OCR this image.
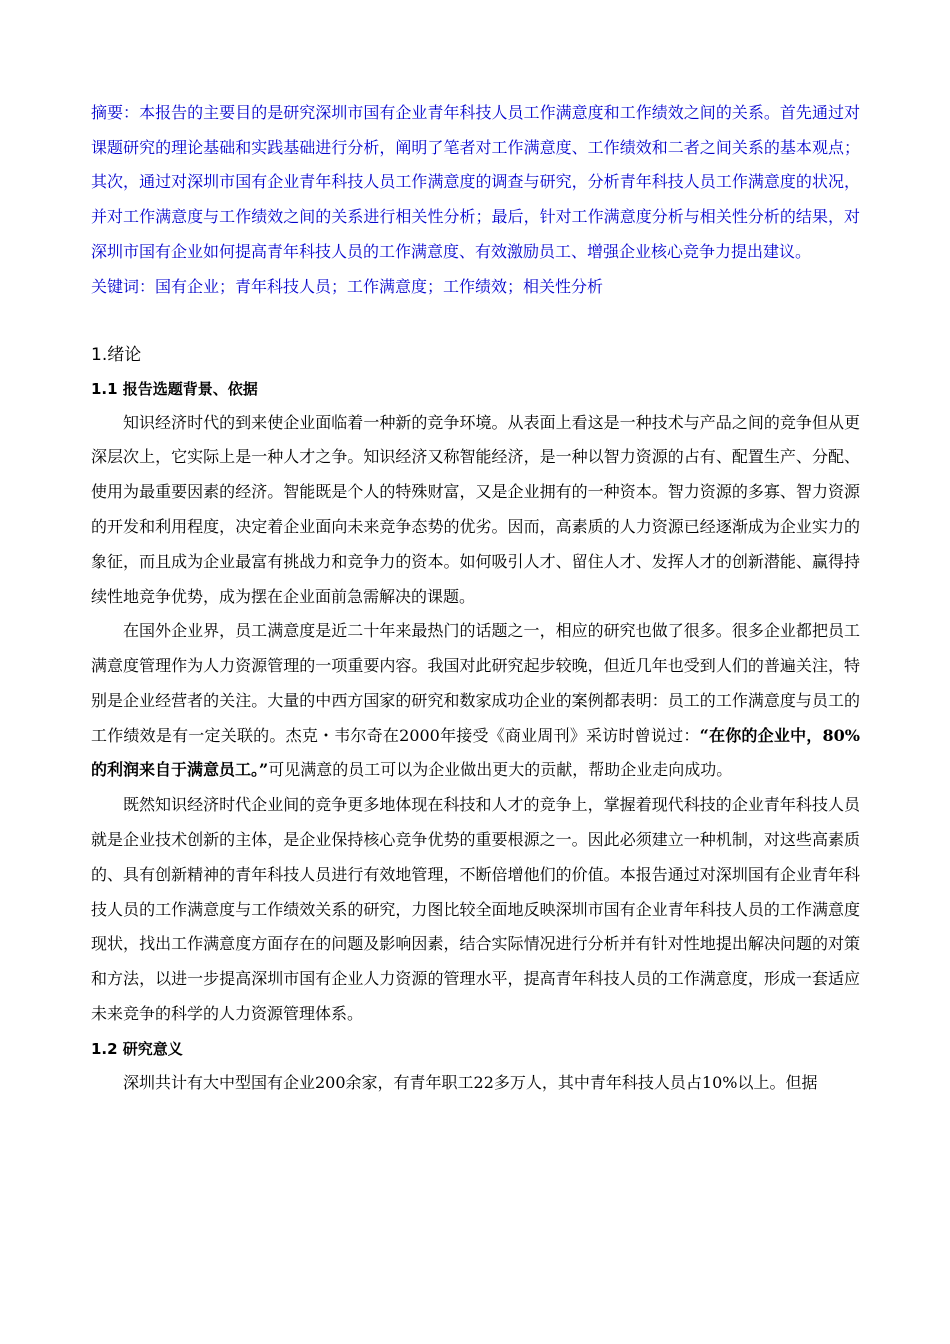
摘要：本报告的主要目的是研究深圳市国有企业青年科技人员工作满意度和工作绩效之间的关系。首先通过对课题研究的理论基础和实践基础进行分析，阐明了笔者对工作满意度、工作绩效和二者之间关系的基本观点；其次，通过对深圳市国有企业青年科技人员工作满意度的调查与研究，分析青年科技人员工作满意度的状况，并对工作满意度与工作绩效之间的关系进行相关性分析；最后，针对工作满意度分析与相关性分析的结果，对深圳市国有企业如何提高青年科技人员的工作满意度、有效激励员工、增强企业核心竞争力提出建议。

关键词：国有企业；青年科技人员；工作满意度；工作绩效；相关性分析

1.绪论
1.1 报告选题背景、依据

知识经济时代的到来使企业面临着一种新的竞争环境。从表面上看这是一种技术与产品之间的竞争但从更深层次上，它实际上是一种人才之争。知识经济又称智能经济，是一种以智力资源的占有、配置生产、分配、使用为最重要因素的经济。智能既是个人的特殊财富，又是企业拥有的一种资本。智力资源的多寡、智力资源的开发和利用程度，决定着企业面向未来竞争态势的优劣。因而，高素质的人力资源已经逐渐成为企业实力的象征，而且成为企业最富有挑战力和竞争力的资本。如何吸引人才、留住人才、发挥人才的创新潜能、赢得持续性地竞争优势，成为摆在企业面前急需解决的课题。

在国外企业界，员工满意度是近二十年来最热门的话题之一，相应的研究也做了很多。很多企业都把员工满意度管理作为人力资源管理的一项重要内容。我国对此研究起步较晚，但近几年也受到人们的普遍关注，特别是企业经营者的关注。大量的中西方国家的研究和数家成功企业的案例都表明：员工的工作满意度与员工的工作绩效是有一定关联的。杰克・韦尔奇在2000年接受《商业周刊》采访时曾说过：“在你的企业中，80%的利润来自于满意员工。”可见满意的员工可以为企业做出更大的贡献，帮助企业走向成功。

既然知识经济时代企业间的竞争更多地体现在科技和人才的竞争上，掌握着现代科技的企业青年科技人员就是企业技术创新的主体，是企业保持核心竞争优势的重要根源之一。因此必须建立一种机制，对这些高素质的、具有创新精神的青年科技人员进行有效地管理，不断倍增他们的价值。本报告通过对深圳国有企业青年科技人员的工作满意度与工作绩效关系的研究，力图比较全面地反映深圳市国有企业青年科技人员的工作满意度现状，找出工作满意度方面存在的问题及影响因素，结合实际情况进行分析并有针对性地提出解决问题的对策和方法，以进一步提高深圳市国有企业人力资源的管理水平，提高青年科技人员的工作满意度，形成一套适应未来竞争的科学的人力资源管理体系。

1.2 研究意义

深圳共计有大中型国有企业200余家，有青年职工22多万人，其中青年科技人员占10%以上。但据
